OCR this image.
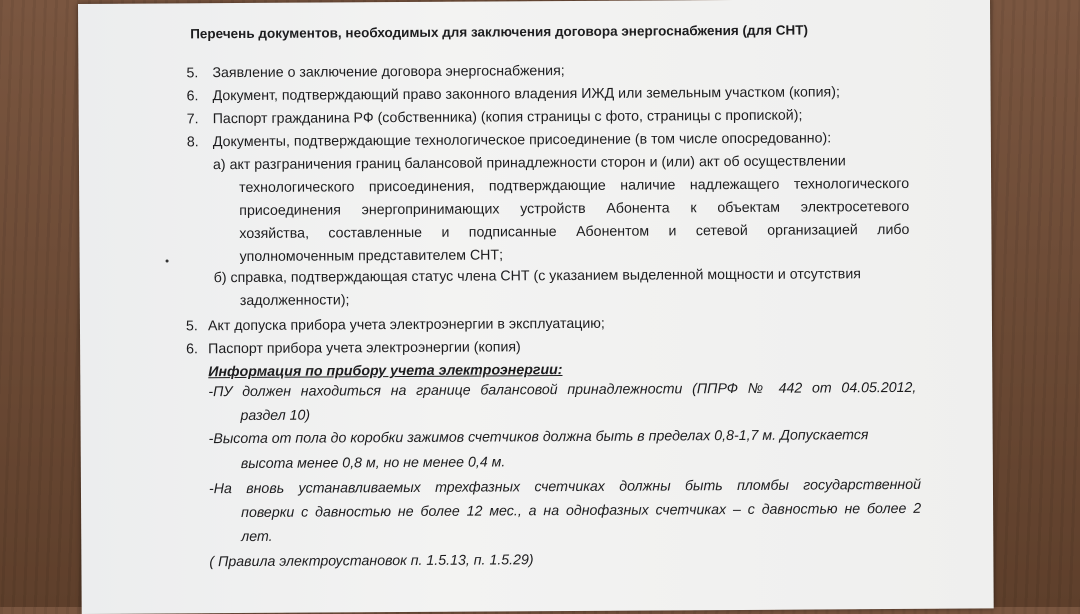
Перечень документов, необходимых для заключения договора энергоснабжения (для СНТ)
5. Заявление о заключение договора энергоснабжения;
6. Документ, подтверждающий право законного владения ИЖД или земельным участком (копия);
7. Паспорт гражданина РФ (собственника) (копия страницы с фото, страницы с пропиской);
8. Документы, подтверждающие технологическое присоединение (в том числе опосредованно):
а) акт разграничения границ балансовой принадлежности сторон и (или) акт об осуществлении
технологического присоединения, подтверждающие наличие надлежащего технологического
присоединения энергопринимающих устройств Абонента к объектам электросетевого
хозяйства, составленные и подписанные Абонентом и сетевой организацией либо
уполномоченным представителем СНТ;
б) справка, подтверждающая статус члена СНТ (с указанием выделенной мощности и отсутствия
задолженности);
5. Акт допуска прибора учета электроэнергии в эксплуатацию;
6. Паспорт прибора учета электроэнергии (копия)
Информация по прибору учета электроэнергии:
-ПУ должен находиться на границе балансовой принадлежности (ППРФ № 442 от 04.05.2012,
раздел 10)
-Высота от пола до коробки зажимов счетчиков должна быть в пределах 0,8-1,7 м. Допускается
высота менее 0,8 м, но не менее 0,4 м.
-На вновь устанавливаемых трехфазных счетчиках должны быть пломбы государственной
поверки с давностью не более 12 мес., а на однофазных счетчиках – с давностью не более 2
лет.
( Правила электроустановок п. 1.5.13, п. 1.5.29)
